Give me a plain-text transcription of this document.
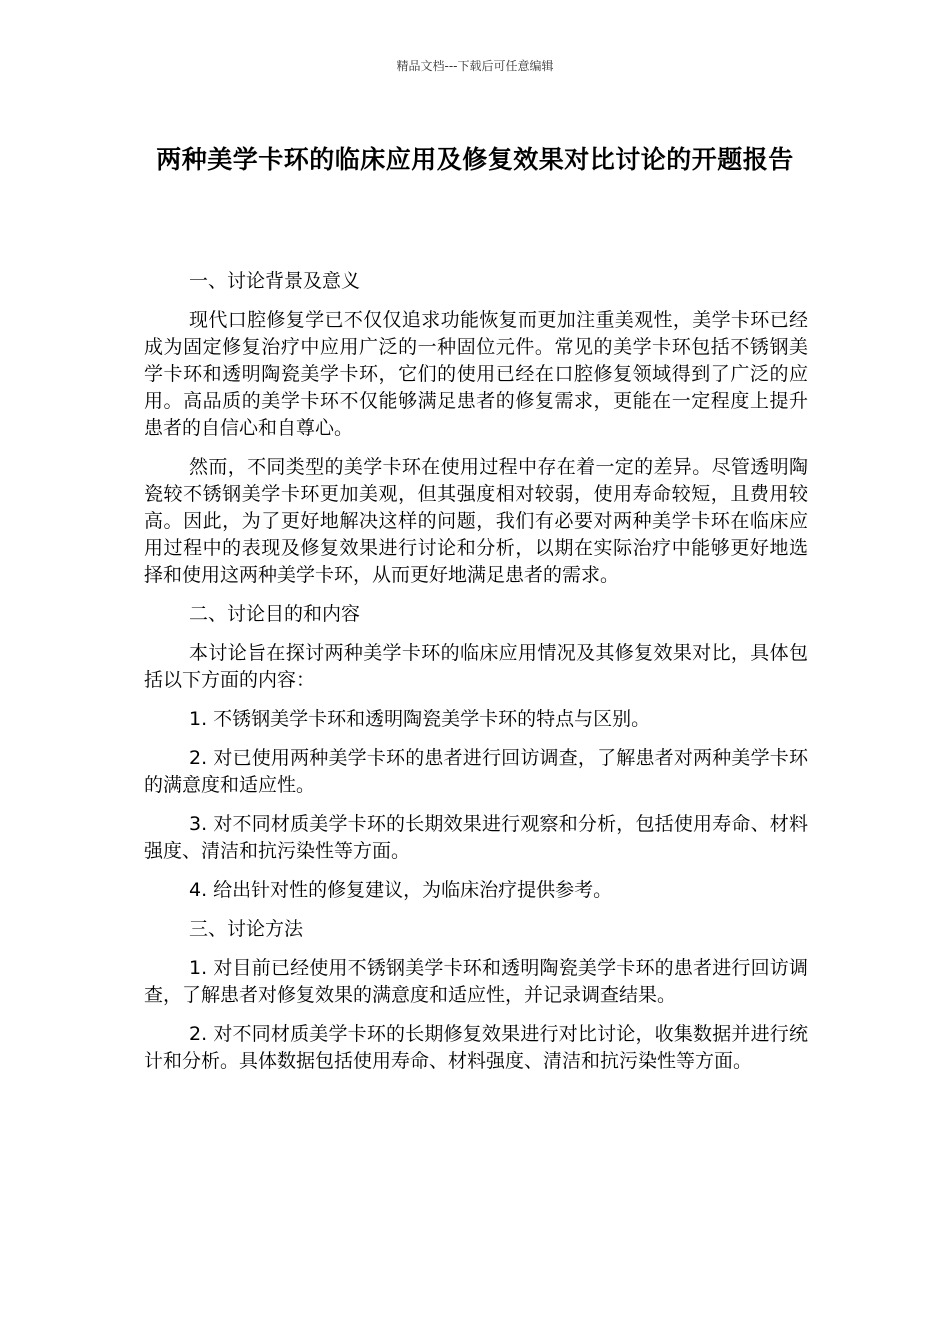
精品文档---下载后可任意编辑
两种美学卡环的临床应用及修复效果对比讨论的开题报告

一、讨论背景及意义

现代口腔修复学已不仅仅追求功能恢复而更加注重美观性，美学卡环已经成为固定修复治疗中应用广泛的一种固位元件。常见的美学卡环包括不锈钢美学卡环和透明陶瓷美学卡环，它们的使用已经在口腔修复领域得到了广泛的应用。高品质的美学卡环不仅能够满足患者的修复需求，更能在一定程度上提升患者的自信心和自尊心。

然而，不同类型的美学卡环在使用过程中存在着一定的差异。尽管透明陶瓷较不锈钢美学卡环更加美观，但其强度相对较弱，使用寿命较短，且费用较高。因此，为了更好地解决这样的问题，我们有必要对两种美学卡环在临床应用过程中的表现及修复效果进行讨论和分析，以期在实际治疗中能够更好地选择和使用这两种美学卡环，从而更好地满足患者的需求。

二、讨论目的和内容

本讨论旨在探讨两种美学卡环的临床应用情况及其修复效果对比，具体包括以下方面的内容：

1. 不锈钢美学卡环和透明陶瓷美学卡环的特点与区别。

2. 对已使用两种美学卡环的患者进行回访调查，了解患者对两种美学卡环的满意度和适应性。

3. 对不同材质美学卡环的长期效果进行观察和分析，包括使用寿命、材料强度、清洁和抗污染性等方面。

4. 给出针对性的修复建议，为临床治疗提供参考。

三、讨论方法

1. 对目前已经使用不锈钢美学卡环和透明陶瓷美学卡环的患者进行回访调查，了解患者对修复效果的满意度和适应性，并记录调查结果。

2. 对不同材质美学卡环的长期修复效果进行对比讨论，收集数据并进行统计和分析。具体数据包括使用寿命、材料强度、清洁和抗污染性等方面。
